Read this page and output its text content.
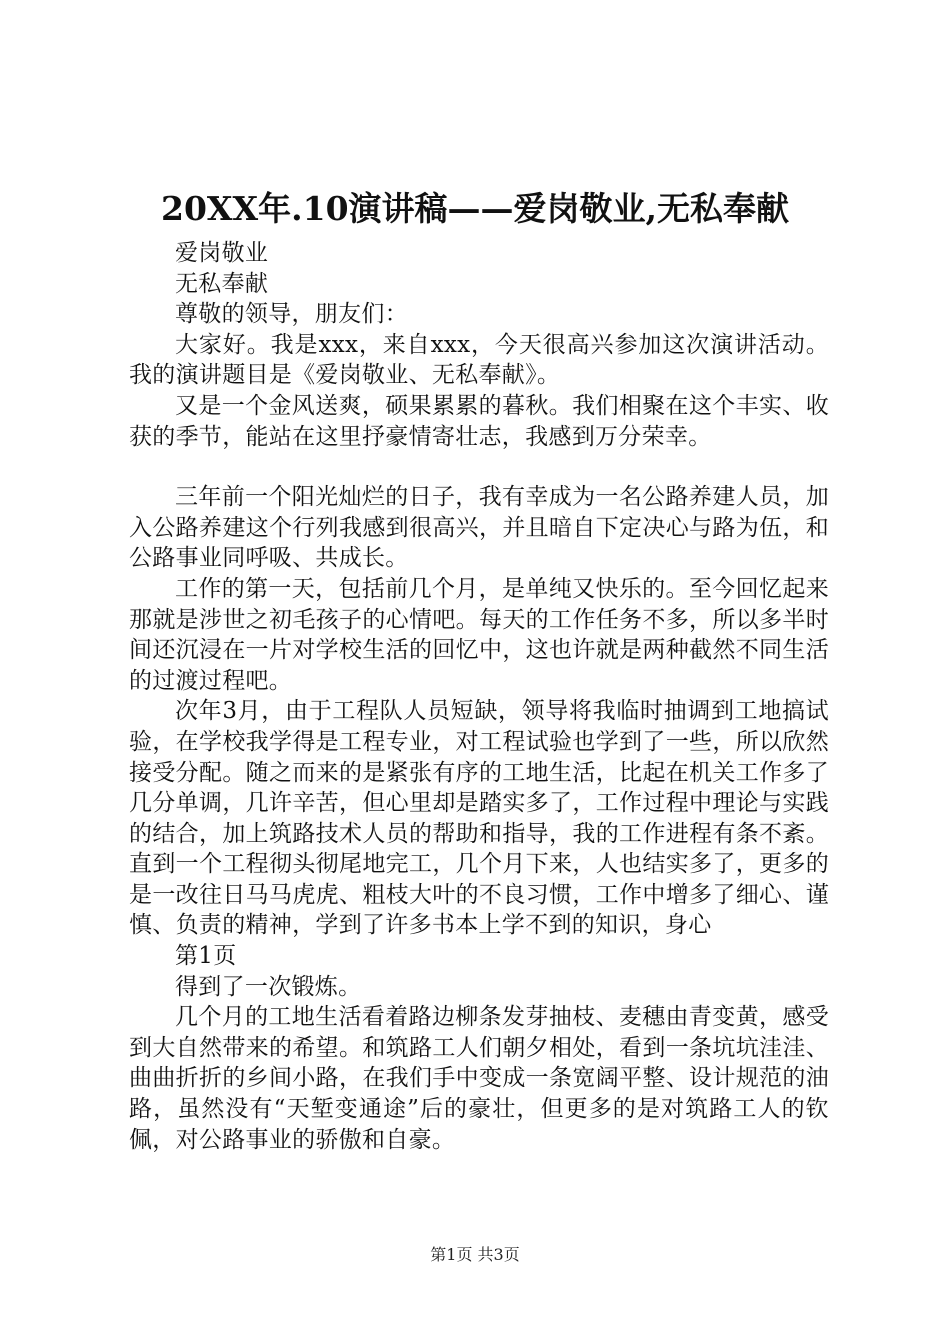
20XX年.10演讲稿——爱岗敬业,无私奉献

爱岗敬业

无私奉献

尊敬的领导，朋友们：

大家好。我是xxx，来自xxx，今天很高兴参加这次演讲活动。我的演讲题目是《爱岗敬业、无私奉献》。

又是一个金风送爽，硕果累累的暮秋。我们相聚在这个丰实、收获的季节，能站在这里抒豪情寄壮志，我感到万分荣幸。

三年前一个阳光灿烂的日子，我有幸成为一名公路养建人员，加入公路养建这个行列我感到很高兴，并且暗自下定决心与路为伍，和公路事业同呼吸、共成长。

工作的第一天，包括前几个月，是单纯又快乐的。至今回忆起来那就是涉世之初毛孩子的心情吧。每天的工作任务不多，所以多半时间还沉浸在一片对学校生活的回忆中，这也许就是两种截然不同生活的过渡过程吧。

次年3月，由于工程队人员短缺，领导将我临时抽调到工地搞试验，在学校我学得是工程专业，对工程试验也学到了一些，所以欣然接受分配。随之而来的是紧张有序的工地生活，比起在机关工作多了几分单调，几许辛苦，但心里却是踏实多了，工作过程中理论与实践的结合，加上筑路技术人员的帮助和指导，我的工作进程有条不紊。直到一个工程彻头彻尾地完工，几个月下来，人也结实多了，更多的是一改往日马马虎虎、粗枝大叶的不良习惯，工作中增多了细心、谨慎、负责的精神，学到了许多书本上学不到的知识，身心

第1页

得到了一次锻炼。

几个月的工地生活看着路边柳条发芽抽枝、麦穗由青变黄，感受到大自然带来的希望。和筑路工人们朝夕相处，看到一条坑坑洼洼、曲曲折折的乡间小路，在我们手中变成一条宽阔平整、设计规范的油路，虽然没有“天堑变通途”后的豪壮，但更多的是对筑路工人的钦佩，对公路事业的骄傲和自豪。

第1页 共3页
